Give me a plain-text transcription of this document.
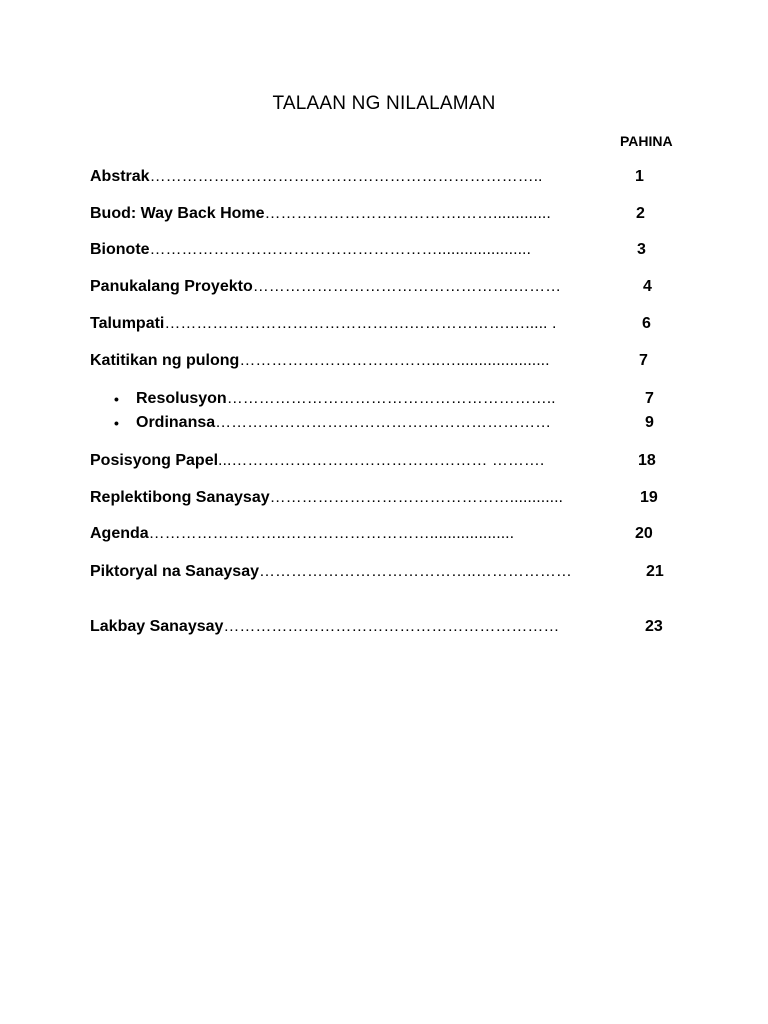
TALAAN NG NILALAMAN
PAHINA
Abstrak………………………………………………………………..	1
Buod: Way Back Home……………………………….…….............	2
Bionote……………………………………………….....................	3
Panukalang Proyekto………………………………………….………	4
Talumpati……………………………………….……………….…..... .	6
Katitikan ng pulong………………………………..….....................	7
• Resolusyon……………………………………………………..	7
• Ordinansa………………………………………………………	9
Posisyong Papel...………………………………………… ……….	18
Replektibong Sanaysay………………………………………............	19
Agenda……………………..………………………...................	20
Piktoryal na Sanaysay…………………………………..………………	21
Lakbay Sanaysay………………………………………………………	23
